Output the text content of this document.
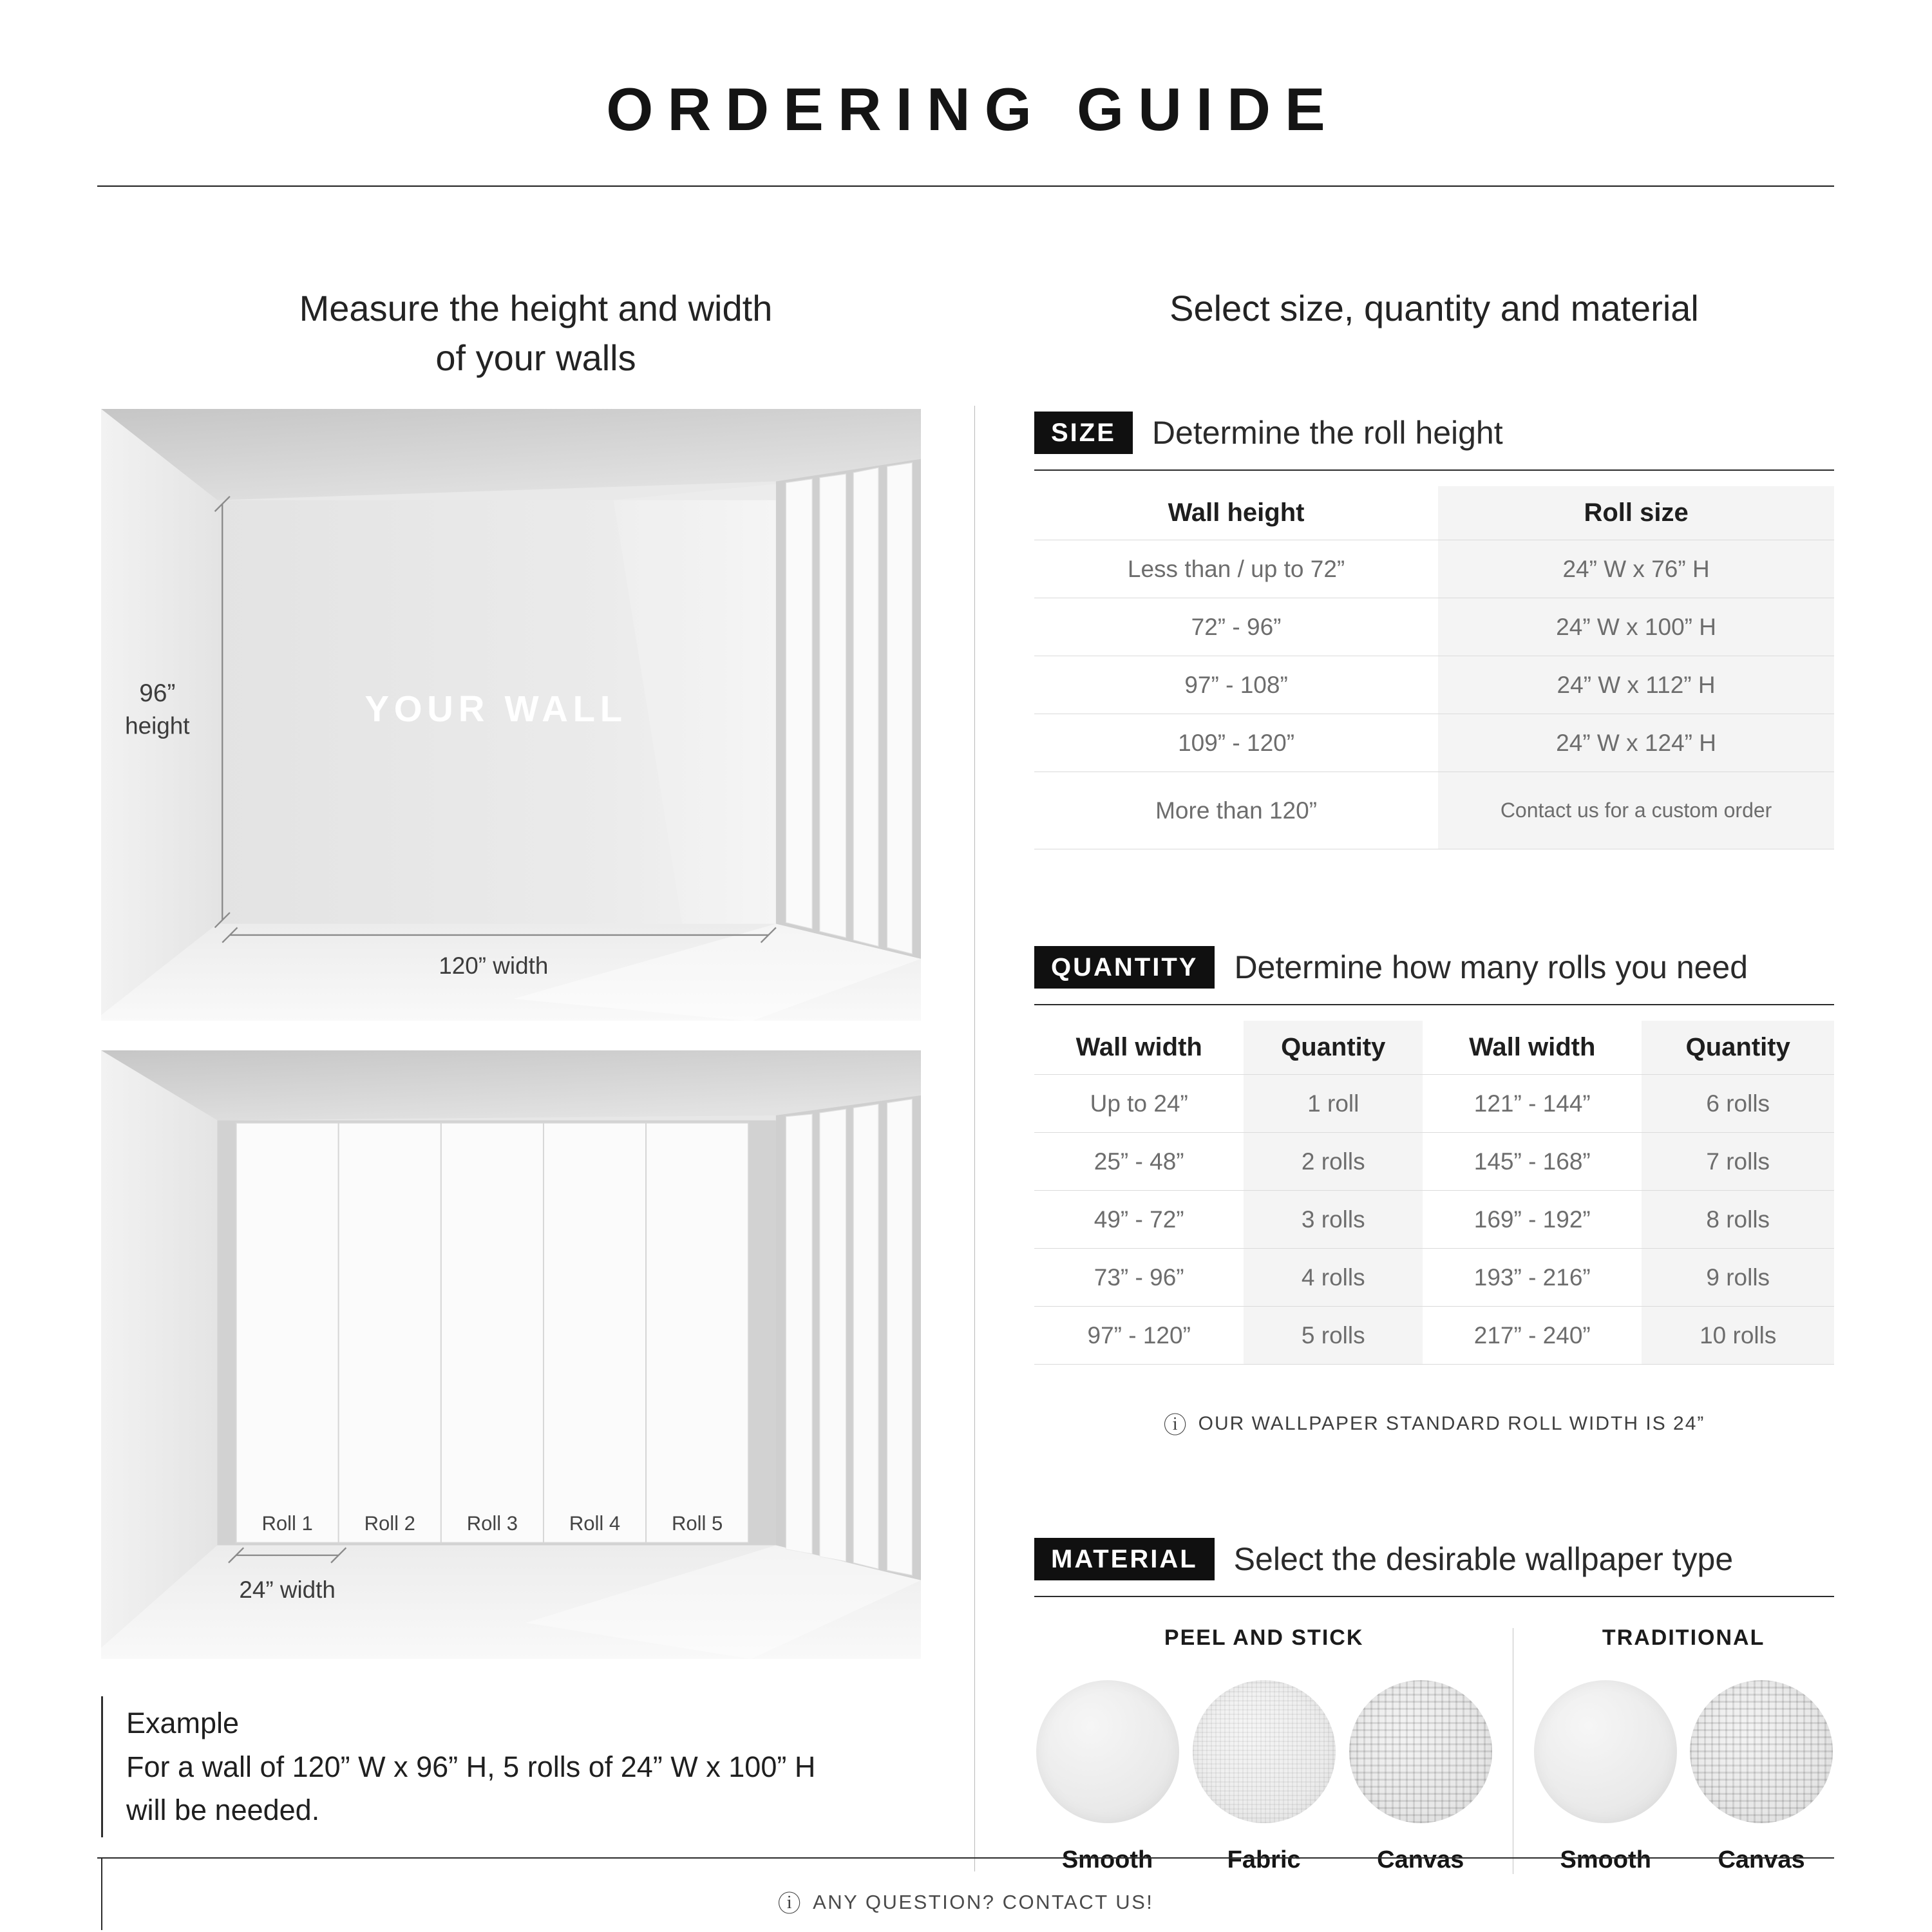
ORDERING GUIDE
Measure the height and width
of your walls
96”
height	YOUR WALL
120” width
Roll 1	Roll 2	Roll 3	Roll 4	Roll 5
24” width
Example
For a wall of 120” W x 96” H, 5 rolls of 24” W x 100” H
will be needed.
Select size, quantity and material
SIZE	Determine the roll height
Wall height	Roll size
Less than / up to 72”	24” W x 76” H
72” - 96”	24” W x 100” H
97” - 108”	24” W x 112” H
109” - 120”	24” W x 124” H
More than 120”	Contact us for a custom order
QUANTITY	Determine how many rolls you need
Wall width	Quantity	Wall width	Quantity
Up to 24”	1 roll	121” - 144”	6 rolls
25” - 48”	2 rolls	145” - 168”	7 rolls
49” - 72”	3 rolls	169” - 192”	8 rolls
73” - 96”	4 rolls	193” - 216”	9 rolls
97” - 120”	5 rolls	217” - 240”	10 rolls
ⓘ OUR WALLPAPER STANDARD ROLL WIDTH IS 24”
MATERIAL	Select the desirable wallpaper type
PEEL AND STICK
Smooth	Fabric	Canvas
TRADITIONAL
Smooth	Canvas
ⓘ ANY QUESTION? CONTACT US!
